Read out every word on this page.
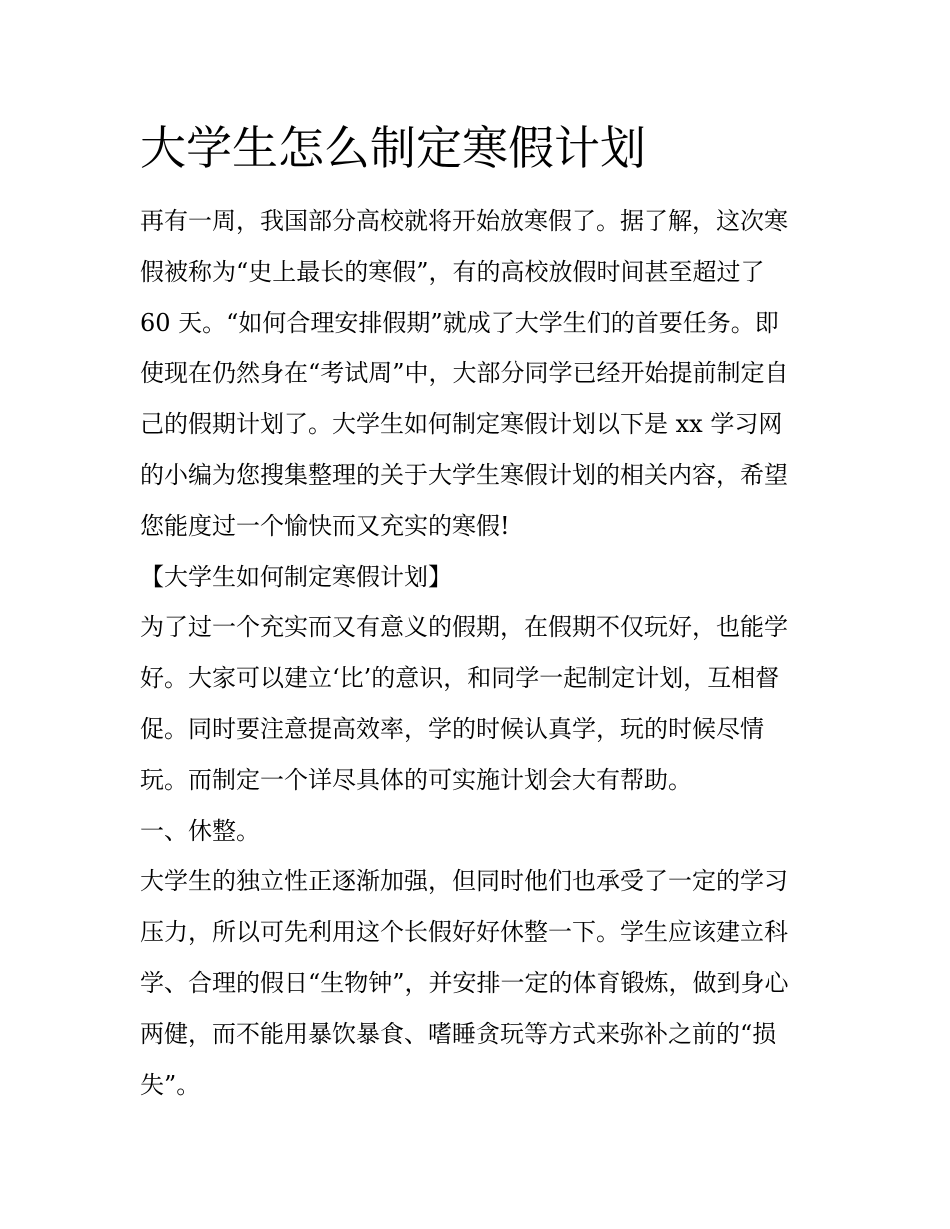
大学生怎么制定寒假计划
再有一周，我国部分高校就将开始放寒假了。据了解，这次寒
假被称为“史上最长的寒假”，有的高校放假时间甚至超过了
60 天。“如何合理安排假期”就成了大学生们的首要任务。即
使现在仍然身在“考试周”中，大部分同学已经开始提前制定自
己的假期计划了。大学生如何制定寒假计划以下是 xx 学习网
的小编为您搜集整理的关于大学生寒假计划的相关内容，希望
您能度过一个愉快而又充实的寒假!
【大学生如何制定寒假计划】
为了过一个充实而又有意义的假期，在假期不仅玩好，也能学
好。大家可以建立‘比’的意识，和同学一起制定计划，互相督
促。同时要注意提高效率，学的时候认真学，玩的时候尽情
玩。而制定一个详尽具体的可实施计划会大有帮助。
一、休整。
大学生的独立性正逐渐加强，但同时他们也承受了一定的学习
压力，所以可先利用这个长假好好休整一下。学生应该建立科
学、合理的假日“生物钟”，并安排一定的体育锻炼，做到身心
两健，而不能用暴饮暴食、嗜睡贪玩等方式来弥补之前的“损
失”。
